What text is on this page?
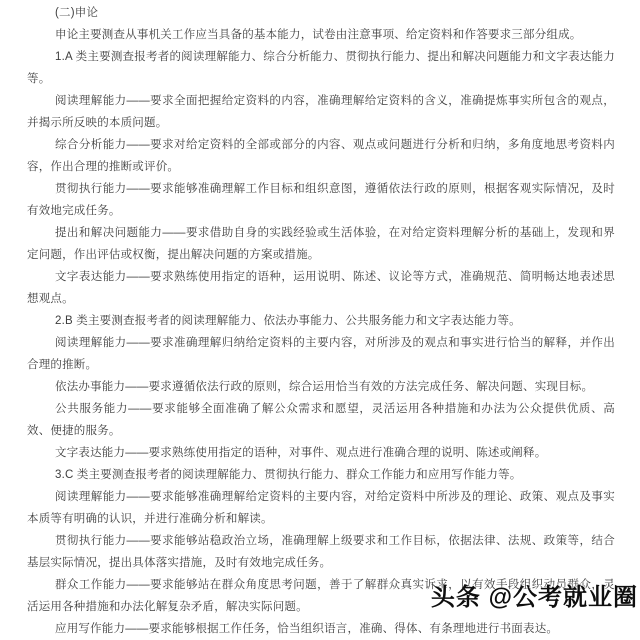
(二)申论

申论主要测查从事机关工作应当具备的基本能力，试卷由注意事项、给定资料和作答要求三部分组成。

1.A 类主要测查报考者的阅读理解能力、综合分析能力、贯彻执行能力、提出和解决问题能力和文字表达能力等。

阅读理解能力——要求全面把握给定资料的内容，准确理解给定资料的含义，准确提炼事实所包含的观点，并揭示所反映的本质问题。

综合分析能力——要求对给定资料的全部或部分的内容、观点或问题进行分析和归纳，多角度地思考资料内容，作出合理的推断或评价。

贯彻执行能力——要求能够准确理解工作目标和组织意图，遵循依法行政的原则，根据客观实际情况，及时有效地完成任务。

提出和解决问题能力——要求借助自身的实践经验或生活体验，在对给定资料理解分析的基础上，发现和界定问题，作出评估或权衡，提出解决问题的方案或措施。

文字表达能力——要求熟练使用指定的语种，运用说明、陈述、议论等方式，准确规范、简明畅达地表述思想观点。

2.B 类主要测查报考者的阅读理解能力、依法办事能力、公共服务能力和文字表达能力等。

阅读理解能力——要求准确理解归纳给定资料的主要内容，对所涉及的观点和事实进行恰当的解释，并作出合理的推断。

依法办事能力——要求遵循依法行政的原则，综合运用恰当有效的方法完成任务、解决问题、实现目标。

公共服务能力——要求能够全面准确了解公众需求和愿望，灵活运用各种措施和办法为公众提供优质、高效、便捷的服务。

文字表达能力——要求熟练使用指定的语种，对事件、观点进行准确合理的说明、陈述或阐释。

3.C 类主要测查报考者的阅读理解能力、贯彻执行能力、群众工作能力和应用写作能力等。

阅读理解能力——要求能够准确理解给定资料的主要内容，对给定资料中所涉及的理论、政策、观点及事实本质等有明确的认识，并进行准确分析和解读。

贯彻执行能力——要求能够站稳政治立场，准确理解上级要求和工作目标，依据法律、法规、政策等，结合基层实际情况，提出具体落实措施，及时有效地完成任务。

群众工作能力——要求能够站在群众角度思考问题，善于了解群众真实诉求，以有效手段组织动员群众，灵活运用各种措施和办法化解复杂矛盾，解决实际问题。

应用写作能力——要求能够根据工作任务，恰当组织语言，准确、得体、有条理地进行书面表达。

头条 @公考就业圈
